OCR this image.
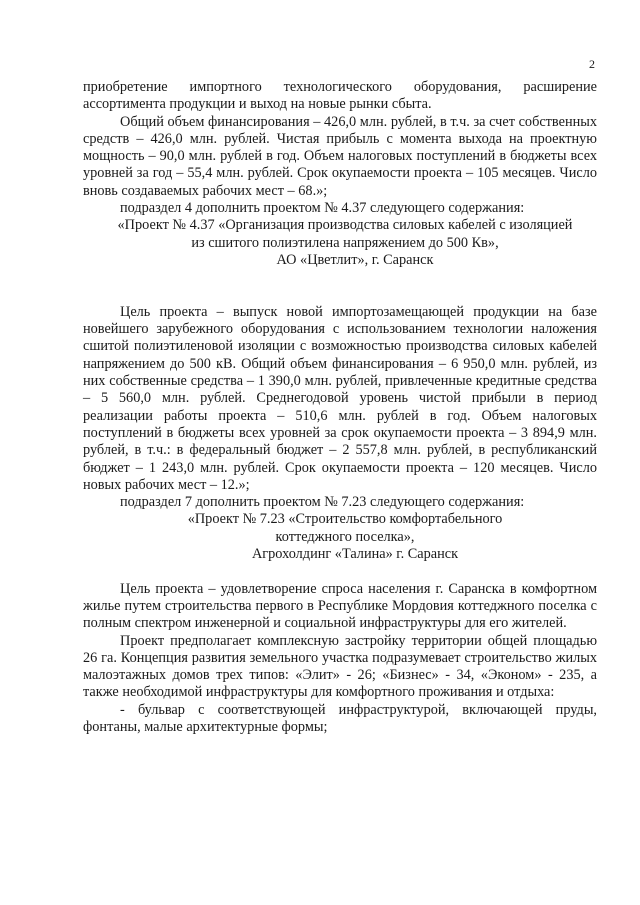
2

приобретение импортного технологического оборудования, расширение ассортимента продукции и выход на новые рынки сбыта.

Общий объем финансирования – 426,0 млн. рублей, в т.ч. за счет собственных средств – 426,0 млн. рублей. Чистая прибыль с момента выхода на проектную мощность – 90,0 млн. рублей в год. Объем налоговых поступлений в бюджеты всех уровней за год – 55,4 млн. рублей. Срок окупаемости проекта – 105 месяцев. Число вновь создаваемых рабочих мест – 68.»;

подраздел 4 дополнить проектом № 4.37 следующего содержания:

«Проект № 4.37 «Организация производства силовых кабелей с изоляцией из сшитого полиэтилена напряжением до 500 Кв»,

АО «Цветлит», г. Саранск

Цель проекта – выпуск новой импортозамещающей продукции на базе новейшего зарубежного оборудования с использованием технологии наложения сшитой полиэтиленовой изоляции с возможностью производства силовых кабелей напряжением до 500 кВ. Общий объем финансирования – 6 950,0 млн. рублей, из них собственные средства – 1 390,0 млн. рублей, привлеченные кредитные средства – 5 560,0 млн. рублей. Среднегодовой уровень чистой прибыли в период реализации работы проекта – 510,6 млн. рублей в год. Объем налоговых поступлений в бюджеты всех уровней за срок окупаемости проекта – 3 894,9 млн. рублей, в т.ч.: в федеральный бюджет – 2 557,8 млн. рублей, в республиканский бюджет – 1 243,0 млн. рублей. Срок окупаемости проекта – 120 месяцев. Число новых рабочих мест – 12.»;

подраздел 7 дополнить проектом № 7.23 следующего содержания:

«Проект № 7.23 «Строительство комфортабельного коттеджного поселка»,

Агрохолдинг «Талина» г. Саранск

Цель проекта – удовлетворение спроса населения г. Саранска в комфортном жилье путем строительства первого в Республике Мордовия коттеджного поселка с полным спектром инженерной и социальной инфраструктуры для его жителей.

Проект предполагает комплексную застройку территории общей площадью 26 га. Концепция развития земельного участка подразумевает строительство жилых малоэтажных домов трех типов: «Элит» - 26; «Бизнес» - 34, «Эконом» - 235, а также необходимой инфраструктуры для комфортного проживания и отдыха:

- бульвар с соответствующей инфраструктурой, включающей пруды, фонтаны, малые архитектурные формы;
